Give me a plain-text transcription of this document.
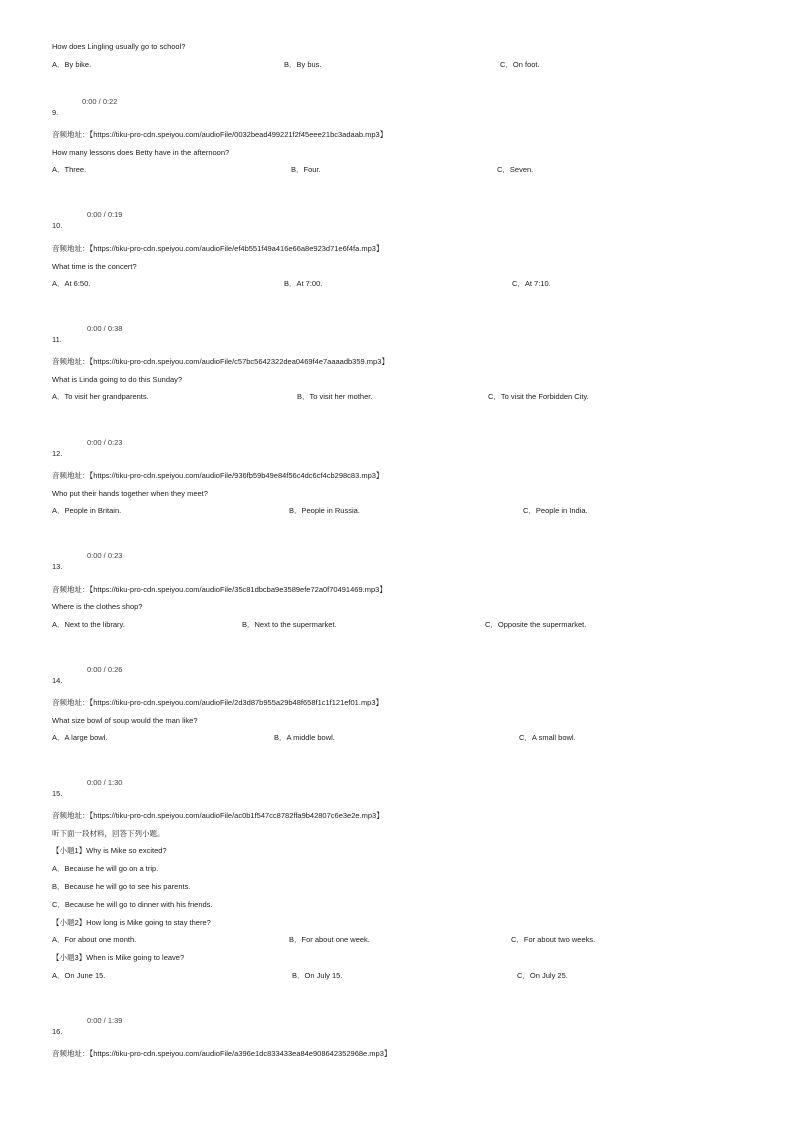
How does Lingling usually go to school?
A．By bike.	B．By bus.	C．On foot.
0:00 / 0:22
9.
音频地址：【https://tiku-pro-cdn.speiyou.com/audioFile/0032bead499221f2f45eee21bc3adaab.mp3】
How many lessons does Betty have in the afternoon?
A．Three.	B．Four.	C．Seven.
0:00 / 0:19
10.
音频地址：【https://tiku-pro-cdn.speiyou.com/audioFile/ef4b551f49a416e66a8e923d71e6f4fa.mp3】
What time is the concert?
A．At 6:50.	B．At 7:00.	C．At 7:10.
0:00 / 0:38
11.
音频地址：【https://tiku-pro-cdn.speiyou.com/audioFile/c57bc5642322dea0469f4e7aaaadb359.mp3】
What is Linda going to do this Sunday?
A．To visit her grandparents.	B．To visit her mother.	C．To visit the Forbidden City.
0:00 / 0:23
12.
音频地址：【https://tiku-pro-cdn.speiyou.com/audioFile/936fb59b49e84f56c4dc6cf4cb298c83.mp3】
Who put their hands together when they meet?
A．People in Britain.	B．People in Russia.	C．People in India.
0:00 / 0:23
13.
音频地址：【https://tiku-pro-cdn.speiyou.com/audioFile/35c81dbcba9e3589efe72a0f70491469.mp3】
Where is the clothes shop?
A．Next to the library.	B．Next to the supermarket.	C．Opposite the supermarket.
0:00 / 0:26
14.
音频地址：【https://tiku-pro-cdn.speiyou.com/audioFile/2d3d87b955a29b48f658f1c1f121ef01.mp3】
What size bowl of soup would the man like?
A．A large bowl.	B．A middle bowl.	C．A small bowl.
0:00 / 1:30
15.
音频地址：【https://tiku-pro-cdn.speiyou.com/audioFile/ac0b1f547cc8782ffa9b42807c6e3e2e.mp3】
听下面一段材料，回答下列小题。
【小题1】Why is Mike so excited?
A．Because he will go on a trip.
B．Because he will go to see his parents.
C．Because he will go to dinner with his friends.
【小题2】How long is Mike going to stay there?
A．For about one month.	B．For about one week.	C．For about two weeks.
【小题3】When is Mike going to leave?
A．On June 15.	B．On July 15.	C．On July 25.
0:00 / 1:39
16.
音频地址：【https://tiku-pro-cdn.speiyou.com/audioFile/a396e1dc833433ea84e908642352968e.mp3】
